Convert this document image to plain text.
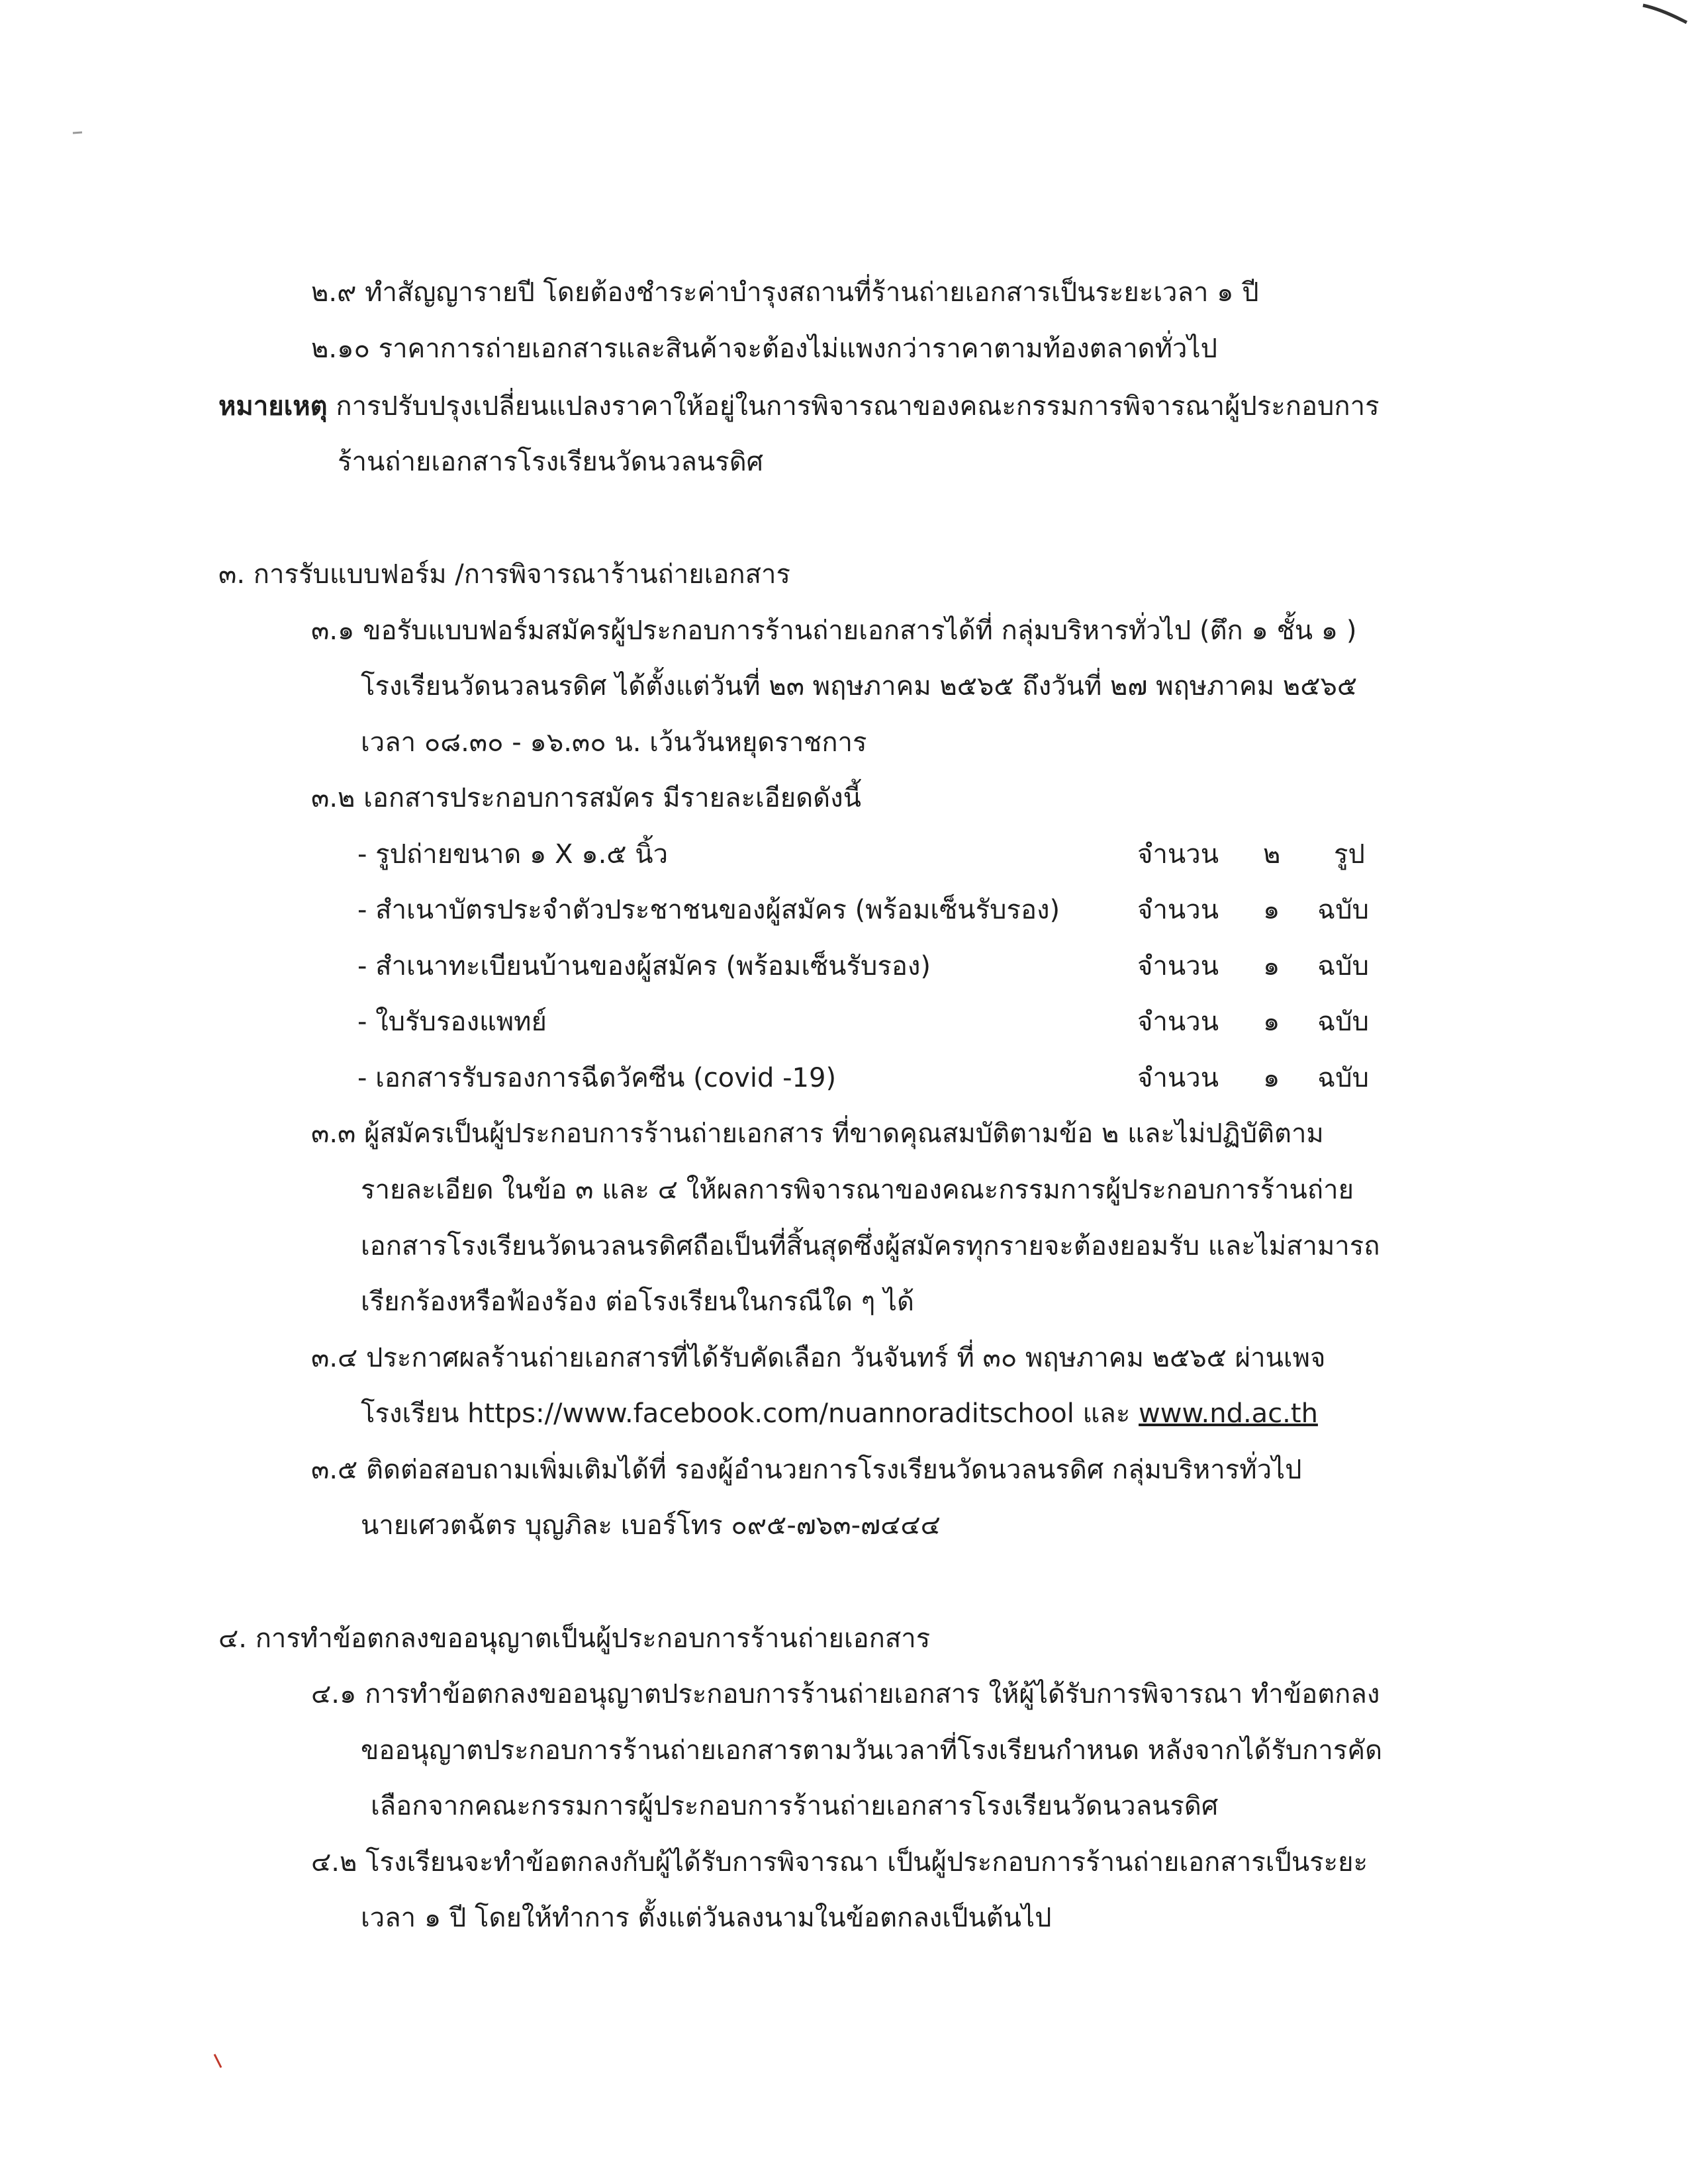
๒.๙ ทำสัญญารายปี โดยต้องชำระค่าบำรุงสถานที่ร้านถ่ายเอกสารเป็นระยะเวลา ๑ ปี
๒.๑๐ ราคาการถ่ายเอกสารและสินค้าจะต้องไม่แพงกว่าราคาตามท้องตลาดทั่วไป
หมายเหตุ การปรับปรุงเปลี่ยนแปลงราคาให้อยู่ในการพิจารณาของคณะกรรมการพิจารณาผู้ประกอบการ
ร้านถ่ายเอกสารโรงเรียนวัดนวลนรดิศ
๓. การรับแบบฟอร์ม /การพิจารณาร้านถ่ายเอกสาร
๓.๑ ขอรับแบบฟอร์มสมัครผู้ประกอบการร้านถ่ายเอกสารได้ที่ กลุ่มบริหารทั่วไป (ตึก ๑ ชั้น ๑ )
โรงเรียนวัดนวลนรดิศ ได้ตั้งแต่วันที่ ๒๓ พฤษภาคม ๒๕๖๕ ถึงวันที่ ๒๗ พฤษภาคม ๒๕๖๕
เวลา ๐๘.๓๐ - ๑๖.๓๐ น. เว้นวันหยุดราชการ
๓.๒ เอกสารประกอบการสมัคร มีรายละเอียดดังนี้
- รูปถ่ายขนาด ๑ X ๑.๕ นิ้ว	จำนวน ๒ รูป
- สำเนาบัตรประจำตัวประชาชนของผู้สมัคร (พร้อมเซ็นรับรอง)	จำนวน ๑ ฉบับ
- สำเนาทะเบียนบ้านของผู้สมัคร (พร้อมเซ็นรับรอง)	จำนวน ๑ ฉบับ
- ใบรับรองแพทย์	จำนวน ๑ ฉบับ
- เอกสารรับรองการฉีดวัคซีน (covid -19)	จำนวน ๑ ฉบับ
๓.๓ ผู้สมัครเป็นผู้ประกอบการร้านถ่ายเอกสาร ที่ขาดคุณสมบัติตามข้อ ๒ และไม่ปฏิบัติตาม
รายละเอียด ในข้อ ๓ และ ๔ ให้ผลการพิจารณาของคณะกรรมการผู้ประกอบการร้านถ่าย
เอกสารโรงเรียนวัดนวลนรดิศถือเป็นที่สิ้นสุดซึ่งผู้สมัครทุกรายจะต้องยอมรับ และไม่สามารถ
เรียกร้องหรือฟ้องร้อง ต่อโรงเรียนในกรณีใด ๆ ได้
๓.๔ ประกาศผลร้านถ่ายเอกสารที่ได้รับคัดเลือก วันจันทร์ ที่ ๓๐ พฤษภาคม ๒๕๖๕ ผ่านเพจ
โรงเรียน https://www.facebook.com/nuannoraditschool และ www.nd.ac.th
๓.๕ ติดต่อสอบถามเพิ่มเติมได้ที่ รองผู้อำนวยการโรงเรียนวัดนวลนรดิศ กลุ่มบริหารทั่วไป
นายเศวตฉัตร บุญภิละ เบอร์โทร ๐๙๕-๗๖๓-๗๔๔๔
๔. การทำข้อตกลงขออนุญาตเป็นผู้ประกอบการร้านถ่ายเอกสาร
๔.๑ การทำข้อตกลงขออนุญาตประกอบการร้านถ่ายเอกสาร ให้ผู้ได้รับการพิจารณา ทำข้อตกลง
ขออนุญาตประกอบการร้านถ่ายเอกสารตามวันเวลาที่โรงเรียนกำหนด หลังจากได้รับการคัด
เลือกจากคณะกรรมการผู้ประกอบการร้านถ่ายเอกสารโรงเรียนวัดนวลนรดิศ
๔.๒ โรงเรียนจะทำข้อตกลงกับผู้ได้รับการพิจารณา เป็นผู้ประกอบการร้านถ่ายเอกสารเป็นระยะ
เวลา ๑ ปี โดยให้ทำการ ตั้งแต่วันลงนามในข้อตกลงเป็นต้นไป
